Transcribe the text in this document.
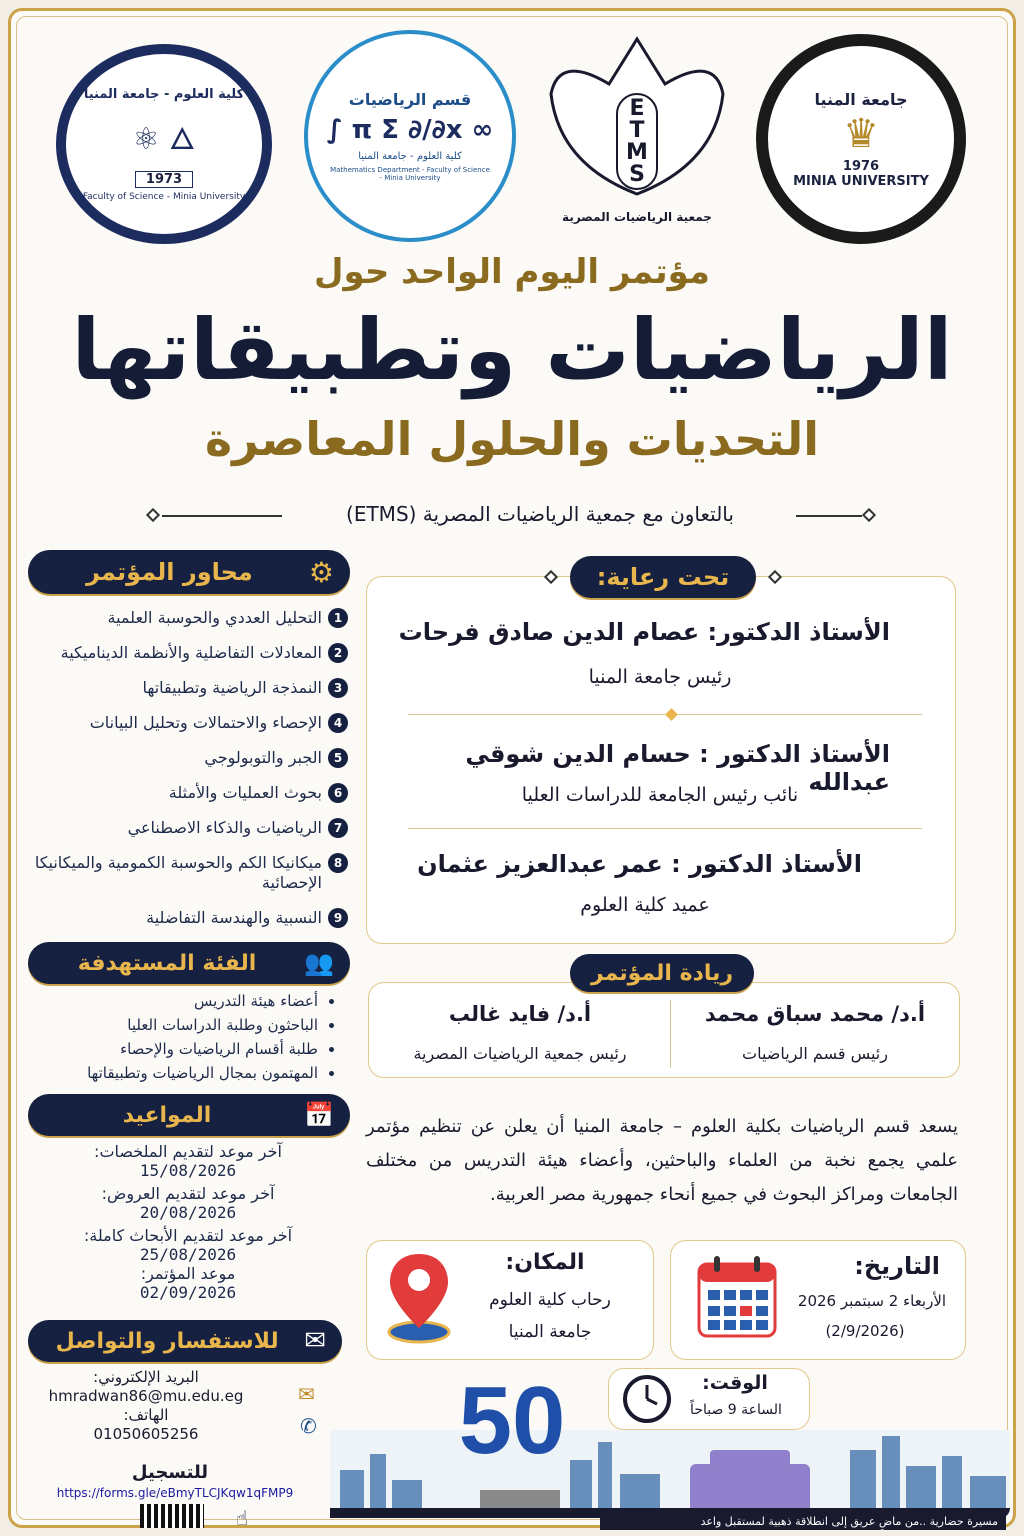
كلية العلوم - جامعة المنيا
⚛ 🜂
1973
Faculty of Science - Minia University
قسم الرياضيات
∫ π Σ ∂/∂x ∞
كلية العلوم - جامعة المنيا
Mathematics Department - Faculty of Science - Minia University
E
T
M
S
جمعية الرياضيات المصرية
جامعة المنيا
♛
1976
MINIA UNIVERSITY
مؤتمر اليوم الواحد حول
الرياضيات وتطبيقاتها
التحديات والحلول المعاصرة
بالتعاون مع جمعية الرياضيات المصرية (ETMS)
⚙
محاور المؤتمر
1
التحليل العددي والحوسبة العلمية
2
المعادلات التفاضلية والأنظمة الديناميكية
3
النمذجة الرياضية وتطبيقاتها
4
الإحصاء والاحتمالات وتحليل البيانات
5
الجبر والتوبولوجي
6
بحوث العمليات والأمثلة
7
الرياضيات والذكاء الاصطناعي
8
ميكانيكا الكم والحوسبة الكمومية والميكانيكا الإحصائية
9
النسبية والهندسة التفاضلية
👥
الفئة المستهدفة
• أعضاء هيئة التدريس
• الباحثون وطلبة الدراسات العليا
• طلبة أقسام الرياضيات والإحصاء
• المهتمون بمجال الرياضيات وتطبيقاتها
📅
المواعيد
آخر موعد لتقديم الملخصات:
15/08/2026
آخر موعد لتقديم العروض:
20/08/2026
آخر موعد لتقديم الأبحاث كاملة:
25/08/2026
موعد المؤتمر:
02/09/2026
✉
للاستفسار والتواصل
البريد الإلكتروني:
hmradwan86@mu.edu.eg
الهاتف:
01050605256
✉
✆
للتسجيل
https://forms.gle/eBmyTLCJKqw1qFMP9
☝
تحت رعاية:
الأستاذ الدكتور: عصام الدين صادق فرحات
رئيس جامعة المنيا
الأستاذ الدكتور : حسام الدين شوقي عبدالله
نائب رئيس الجامعة للدراسات العليا
الأستاذ الدكتور : عمر عبدالعزيز عثمان
عميد كلية العلوم
ريادة المؤتمر
أ.د/ محمد سباق محمد
رئيس قسم الرياضيات
أ.د/ فايد غالب
رئيس جمعية الرياضيات المصرية
يسعد قسم الرياضيات بكلية العلوم – جامعة المنيا أن يعلن عن تنظيم مؤتمر علمي يجمع نخبة من العلماء والباحثين، وأعضاء هيئة التدريس من مختلف الجامعات ومراكز البحوث في جميع أنحاء جمهورية مصر العربية.
المكان:
رحاب كلية العلوم
جامعة المنيا
التاريخ:
الأربعاء 2 سبتمبر 2026
(2/9/2026)
الوقت:
الساعة 9 صباحاً
50
مسيرة حضارية ..من ماضٍ عريق إلى انطلاقة ذهبية لمستقبل واعد
